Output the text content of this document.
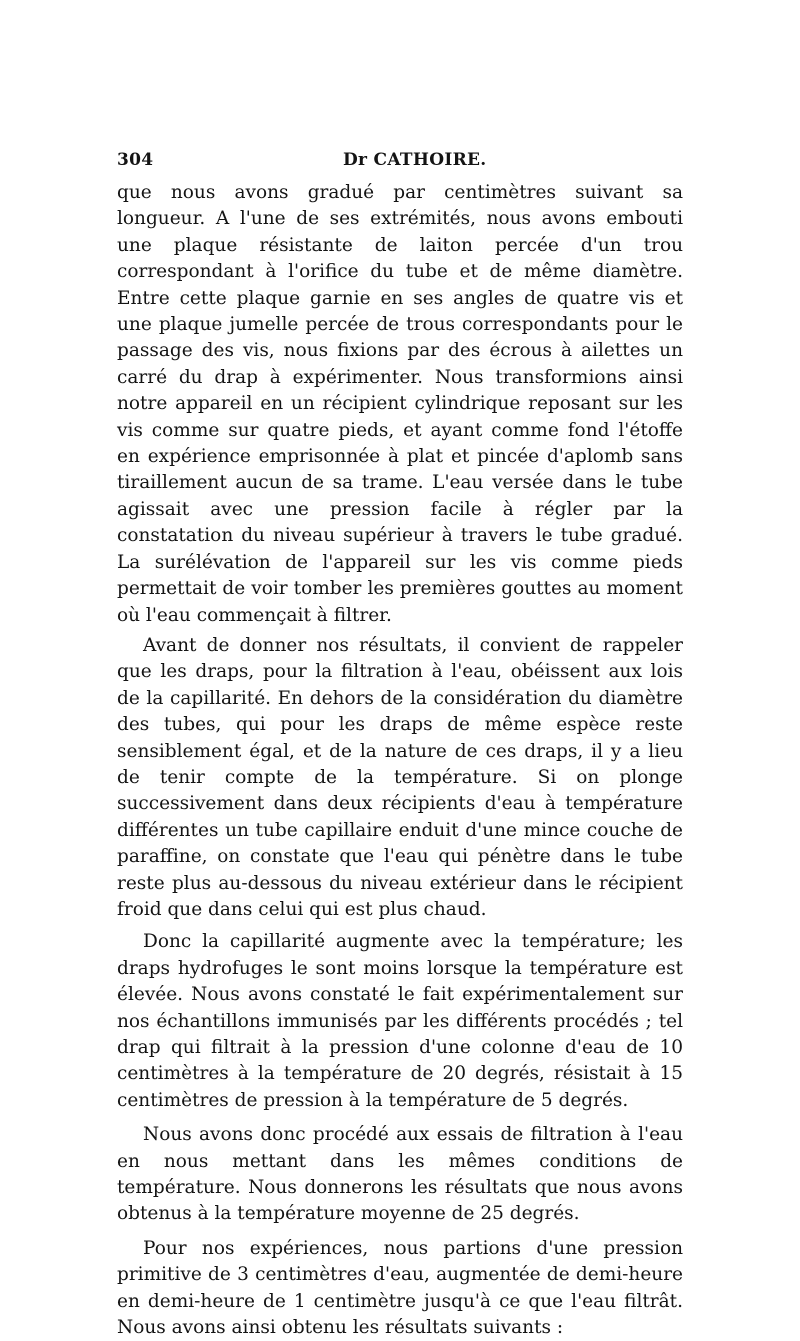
304	Dr CATHOIRE.

que nous avons gradué par centimètres suivant sa longueur. A l'une de ses extrémités, nous avons embouti une plaque résistante de laiton percée d'un trou correspondant à l'orifice du tube et de même diamètre. Entre cette plaque garnie en ses angles de quatre vis et une plaque jumelle percée de trous correspondants pour le passage des vis, nous fixions par des écrous à ailettes un carré du drap à expérimenter. Nous transformions ainsi notre appareil en un récipient cylindrique reposant sur les vis comme sur quatre pieds, et ayant comme fond l'étoffe en expérience emprisonnée à plat et pincée d'aplomb sans tiraillement aucun de sa trame. L'eau versée dans le tube agissait avec une pression facile à régler par la constatation du niveau supérieur à travers le tube gradué. La surélévation de l'appareil sur les vis comme pieds permettait de voir tomber les premières gouttes au moment où l'eau commençait à filtrer.

Avant de donner nos résultats, il convient de rappeler que les draps, pour la filtration à l'eau, obéissent aux lois de la capillarité. En dehors de la considération du diamètre des tubes, qui pour les draps de même espèce reste sensiblement égal, et de la nature de ces draps, il y a lieu de tenir compte de la température. Si on plonge successivement dans deux récipients d'eau à température différentes un tube capillaire enduit d'une mince couche de paraffine, on constate que l'eau qui pénètre dans le tube reste plus au-dessous du niveau extérieur dans le récipient froid que dans celui qui est plus chaud.

Donc la capillarité augmente avec la température; les draps hydrofuges le sont moins lorsque la température est élevée. Nous avons constaté le fait expérimentalement sur nos échantillons immunisés par les différents procédés ; tel drap qui filtrait à la pression d'une colonne d'eau de 10 centimètres à la température de 20 degrés, résistait à 15 centimètres de pression à la température de 5 degrés.

Nous avons donc procédé aux essais de filtration à l'eau en nous mettant dans les mêmes conditions de température. Nous donnerons les résultats que nous avons obtenus à la température moyenne de 25 degrés.

Pour nos expériences, nous partions d'une pression primitive de 3 centimètres d'eau, augmentée de demi-heure en demi-heure de 1 centimètre jusqu'à ce que l'eau filtrât. Nous avons ainsi obtenu les résultats suivants :
